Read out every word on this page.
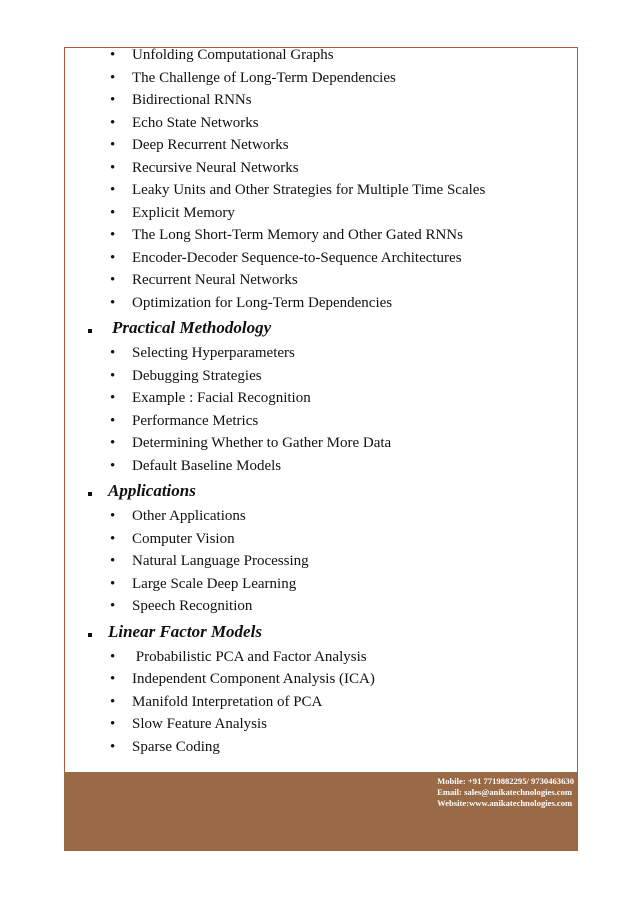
•	Unfolding Computational Graphs
•	The Challenge of Long-Term Dependencies
•	Bidirectional RNNs
•	Echo State Networks
•	Deep Recurrent Networks
•	Recursive Neural Networks
•	Leaky Units and Other Strategies for Multiple Time Scales
•	Explicit Memory
•	The Long Short-Term Memory and Other Gated RNNs
•	Encoder-Decoder Sequence-to-Sequence Architectures
•	Recurrent Neural Networks
•	Optimization for Long-Term Dependencies
Practical Methodology
•	Selecting Hyperparameters
•	Debugging Strategies
•	Example : Facial Recognition
•	Performance Metrics
•	Determining Whether to Gather More Data
•	Default Baseline Models
Applications
•	Other Applications
•	Computer Vision
•	Natural Language Processing
•	Large Scale Deep Learning
•	Speech Recognition
Linear Factor Models
•	Probabilistic PCA and Factor Analysis
•	Independent Component Analysis (ICA)
•	Manifold Interpretation of PCA
•	Slow Feature Analysis
•	Sparse Coding
Mobile: +91 7719882295/ 9730463630
Email: sales@anikatechnologies.com
Website:www.anikatechnologies.com
